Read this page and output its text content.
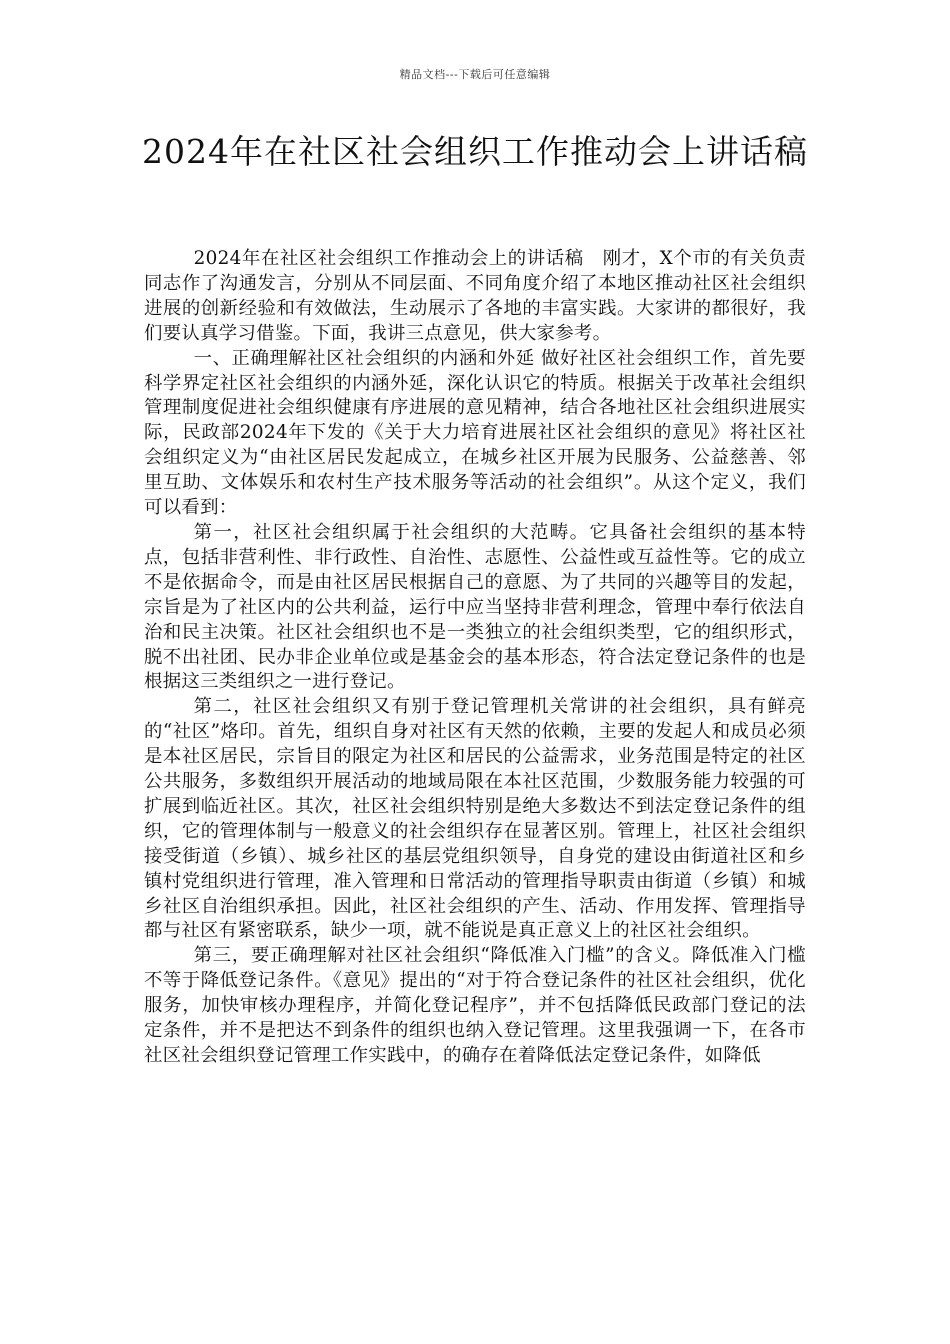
精品文档---下载后可任意编辑
2024年在社区社会组织工作推动会上讲话稿

2024年在社区社会组织工作推动会上的讲话稿　刚才，X个市的有关负责同志作了沟通发言，分别从不同层面、不同角度介绍了本地区推动社区社会组织进展的创新经验和有效做法，生动展示了各地的丰富实践。大家讲的都很好，我们要认真学习借鉴。下面，我讲三点意见，供大家参考。

一、正确理解社区社会组织的内涵和外延 做好社区社会组织工作，首先要科学界定社区社会组织的内涵外延，深化认识它的特质。根据关于改革社会组织管理制度促进社会组织健康有序进展的意见精神，结合各地社区社会组织进展实际，民政部2024年下发的《关于大力培育进展社区社会组织的意见》将社区社会组织定义为“由社区居民发起成立，在城乡社区开展为民服务、公益慈善、邻里互助、文体娱乐和农村生产技术服务等活动的社会组织”。从这个定义，我们可以看到：

第一，社区社会组织属于社会组织的大范畴。它具备社会组织的基本特点，包括非营利性、非行政性、自治性、志愿性、公益性或互益性等。它的成立不是依据命令，而是由社区居民根据自己的意愿、为了共同的兴趣等目的发起，宗旨是为了社区内的公共利益，运行中应当坚持非营利理念，管理中奉行依法自治和民主决策。社区社会组织也不是一类独立的社会组织类型，它的组织形式，脱不出社团、民办非企业单位或是基金会的基本形态，符合法定登记条件的也是根据这三类组织之一进行登记。

第二，社区社会组织又有别于登记管理机关常讲的社会组织，具有鲜亮的“社区”烙印。首先，组织自身对社区有天然的依赖，主要的发起人和成员必须是本社区居民，宗旨目的限定为社区和居民的公益需求，业务范围是特定的社区公共服务，多数组织开展活动的地域局限在本社区范围，少数服务能力较强的可扩展到临近社区。其次，社区社会组织特别是绝大多数达不到法定登记条件的组织，它的管理体制与一般意义的社会组织存在显著区别。管理上，社区社会组织接受街道（乡镇）、城乡社区的基层党组织领导，自身党的建设由街道社区和乡镇村党组织进行管理，准入管理和日常活动的管理指导职责由街道（乡镇）和城乡社区自治组织承担。因此，社区社会组织的产生、活动、作用发挥、管理指导都与社区有紧密联系，缺少一项，就不能说是真正意义上的社区社会组织。

第三，要正确理解对社区社会组织“降低准入门槛”的含义。降低准入门槛不等于降低登记条件。《意见》提出的“对于符合登记条件的社区社会组织，优化服务，加快审核办理程序，并简化登记程序”，并不包括降低民政部门登记的法定条件，并不是把达不到条件的组织也纳入登记管理。这里我强调一下，在各市社区社会组织登记管理工作实践中，的确存在着降低法定登记条件，如降低
